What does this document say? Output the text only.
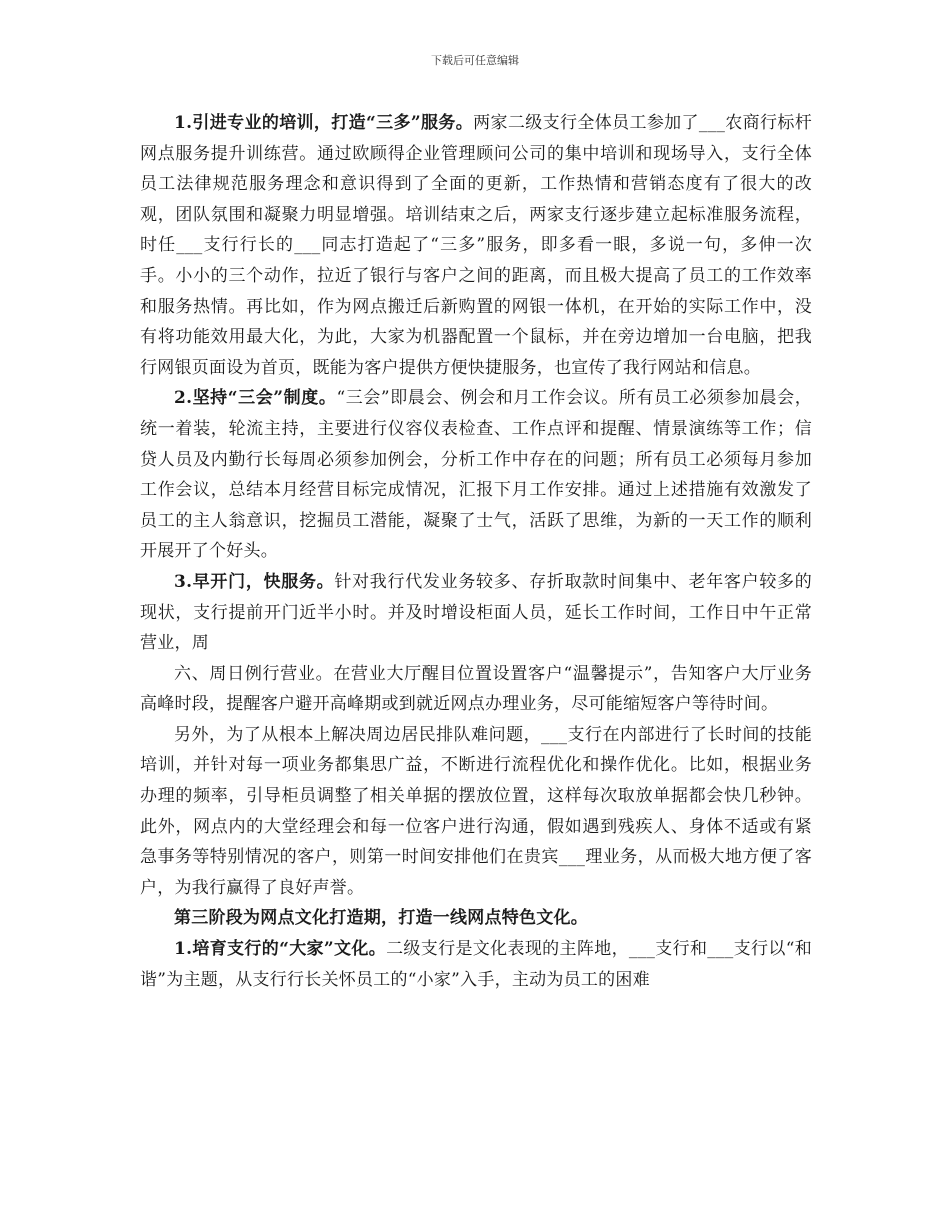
下载后可任意编辑

1.引进专业的培训，打造“三多”服务。两家二级支行全体员工参加了___农商行标杆网点服务提升训练营。通过欧顾得企业管理顾问公司的集中培训和现场导入，支行全体员工法律规范服务理念和意识得到了全面的更新，工作热情和营销态度有了很大的改观，团队氛围和凝聚力明显增强。培训结束之后，两家支行逐步建立起标准服务流程，时任___支行行长的___同志打造起了“三多”服务，即多看一眼，多说一句，多伸一次手。小小的三个动作，拉近了银行与客户之间的距离，而且极大提高了员工的工作效率和服务热情。再比如，作为网点搬迁后新购置的网银一体机，在开始的实际工作中，没有将功能效用最大化，为此，大家为机器配置一个鼠标，并在旁边增加一台电脑，把我行网银页面设为首页，既能为客户提供方便快捷服务，也宣传了我行网站和信息。

2.坚持“三会”制度。“三会”即晨会、例会和月工作会议。所有员工必须参加晨会，统一着装，轮流主持，主要进行仪容仪表检查、工作点评和提醒、情景演练等工作；信贷人员及内勤行长每周必须参加例会，分析工作中存在的问题；所有员工必须每月参加工作会议，总结本月经营目标完成情况，汇报下月工作安排。通过上述措施有效激发了员工的主人翁意识，挖掘员工潜能，凝聚了士气，活跃了思维，为新的一天工作的顺利开展开了个好头。

3.早开门，快服务。针对我行代发业务较多、存折取款时间集中、老年客户较多的现状，支行提前开门近半小时。并及时增设柜面人员，延长工作时间，工作日中午正常营业，周

六、周日例行营业。在营业大厅醒目位置设置客户“温馨提示”，告知客户大厅业务高峰时段，提醒客户避开高峰期或到就近网点办理业务，尽可能缩短客户等待时间。

另外，为了从根本上解决周边居民排队难问题，___支行在内部进行了长时间的技能培训，并针对每一项业务都集思广益，不断进行流程优化和操作优化。比如，根据业务办理的频率，引导柜员调整了相关单据的摆放位置，这样每次取放单据都会快几秒钟。此外，网点内的大堂经理会和每一位客户进行沟通，假如遇到残疾人、身体不适或有紧急事务等特别情况的客户，则第一时间安排他们在贵宾___理业务，从而极大地方便了客户，为我行赢得了良好声誉。

第三阶段为网点文化打造期，打造一线网点特色文化。

1.培育支行的“大家”文化。二级支行是文化表现的主阵地，___支行和___支行以“和谐”为主题，从支行行长关怀员工的“小家”入手，主动为员工的困难
